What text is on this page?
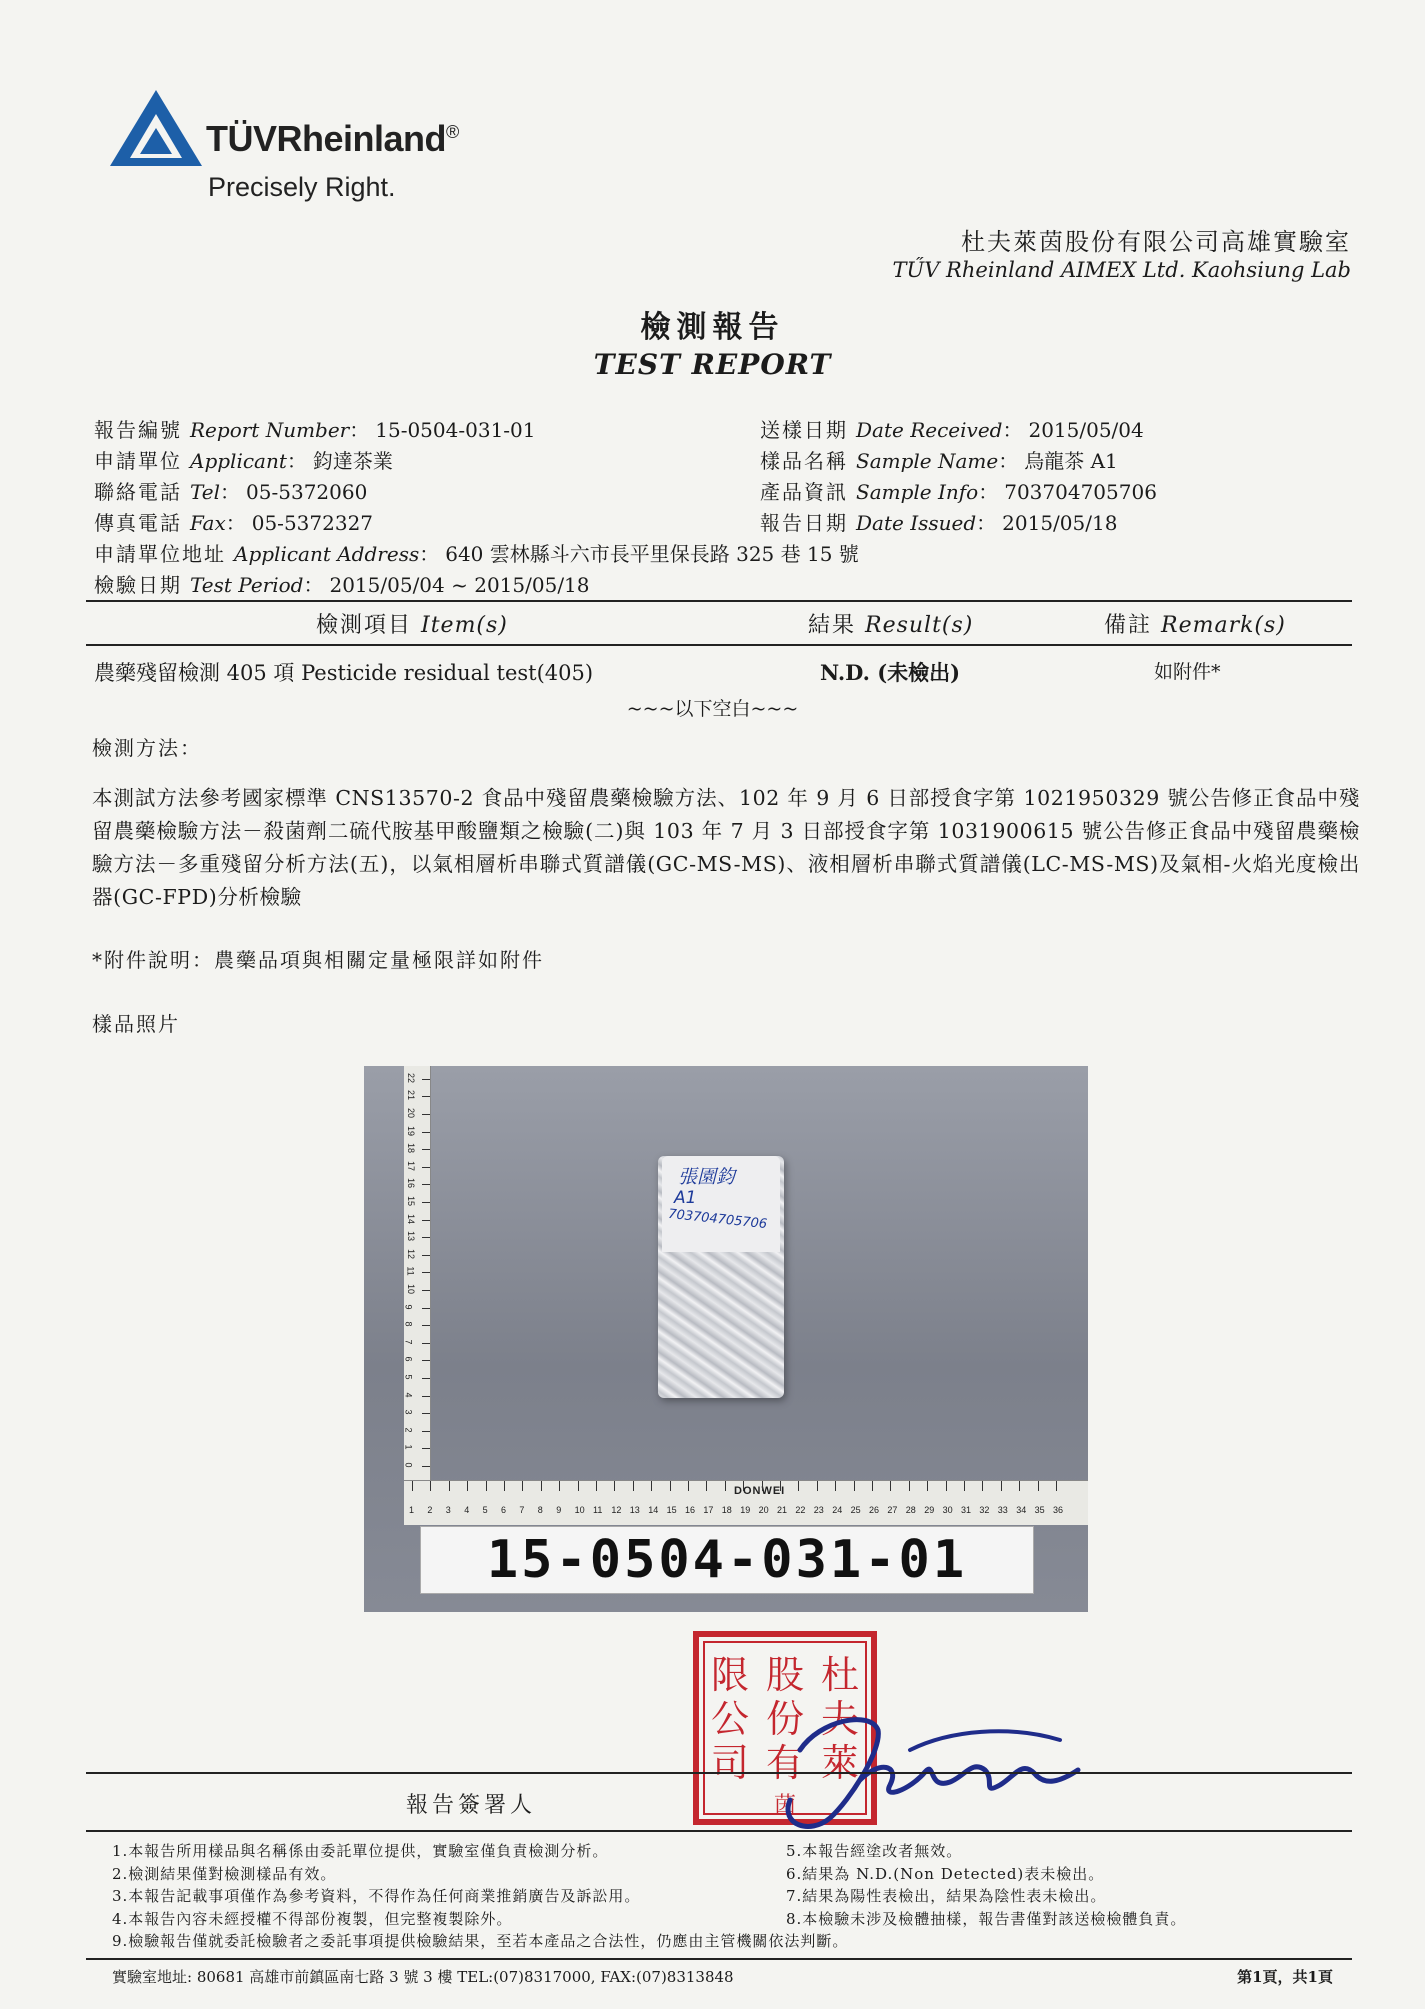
TÜVRheinland®
Precisely Right.
杜夫萊茵股份有限公司高雄實驗室
TŰV Rheinland AIMEX Ltd. Kaohsiung Lab
檢測報告
TEST REPORT
報告編號 Report Number： 15-0504-031-01
申請單位 Applicant： 鈞達茶業
聯絡電話 Tel： 05-5372060
傳真電話 Fax： 05-5372327
申請單位地址 Applicant Address： 640 雲林縣斗六市長平里保長路 325 巷 15 號
檢驗日期 Test Period： 2015/05/04 ~ 2015/05/18
送樣日期 Date Received： 2015/05/04
樣品名稱 Sample Name： 烏龍茶 A1
產品資訊 Sample Info： 703704705706
報告日期 Date Issued： 2015/05/18
檢測項目 Item(s)	結果 Result(s)	備註 Remark(s)
農藥殘留檢測 405 項 Pesticide residual test(405)	N.D. (未檢出)	如附件*
~~~以下空白~~~
檢測方法：
本測試方法參考國家標準 CNS13570-2 食品中殘留農藥檢驗方法、102 年 9 月 6 日部授食字第 1021950329 號公告修正食品中殘留農藥檢驗方法－殺菌劑二硫代胺基甲酸鹽類之檢驗(二)與 103 年 7 月 3 日部授食字第 1031900615 號公告修正食品中殘留農藥檢驗方法－多重殘留分析方法(五)，以氣相層析串聯式質譜儀(GC-MS-MS)、液相層析串聯式質譜儀(LC-MS-MS)及氣相-火焰光度檢出器(GC-FPD)分析檢驗
*附件說明：農藥品項與相關定量極限詳如附件
樣品照片
0
1
2
3
4
5
6
7
8
9
10
11
12
13
14
15
16
17
18
19
20
21
22
DONWEI
1 2 3 4 5 6 7 8 9 10 11 12 13 14 15 16 17 18 19 20 21 22 23 24 25 26 27 28 29 30 31 32 33 34 35 36
張園鈞
A1
703704705706
15-0504-031-01
杜
夫
萊
股
份
有
限
公
司
茵
報告簽署人
1.本報告所用樣品與名稱係由委託單位提供，實驗室僅負責檢測分析。
2.檢測結果僅對檢測樣品有效。
3.本報告記載事項僅作為參考資料，不得作為任何商業推銷廣告及訴訟用。
4.本報告內容未經授權不得部份複製，但完整複製除外。
9.檢驗報告僅就委託檢驗者之委託事項提供檢驗結果，至若本產品之合法性，仍應由主管機關依法判斷。
5.本報告經塗改者無效。
6.結果為 N.D.(Non Detected)表未檢出。
7.結果為陽性表檢出，結果為陰性表未檢出。
8.本檢驗未涉及檢體抽樣，報告書僅對該送檢檢體負責。
實驗室地址: 80681 高雄市前鎮區南七路 3 號 3 樓 TEL:(07)8317000, FAX:(07)8313848	第1頁，共1頁
